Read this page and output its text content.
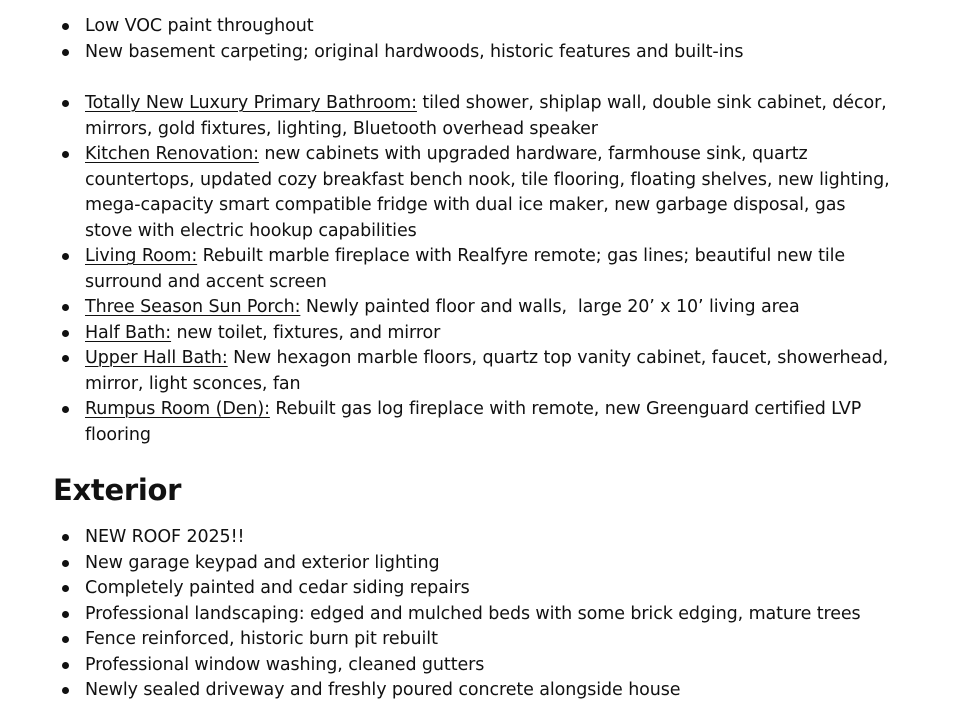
Low VOC paint throughout
New basement carpeting; original hardwoods, historic features and built-ins
Totally New Luxury Primary Bathroom: tiled shower, shiplap wall, double sink cabinet, décor, mirrors, gold fixtures, lighting, Bluetooth overhead speaker
Kitchen Renovation: new cabinets with upgraded hardware, farmhouse sink, quartz countertops, updated cozy breakfast bench nook, tile flooring, floating shelves, new lighting, mega-capacity smart compatible fridge with dual ice maker, new garbage disposal, gas stove with electric hookup capabilities
Living Room: Rebuilt marble fireplace with Realfyre remote; gas lines; beautiful new tile surround and accent screen
Three Season Sun Porch: Newly painted floor and walls,  large 20’ x 10’ living area
Half Bath: new toilet, fixtures, and mirror
Upper Hall Bath: New hexagon marble floors, quartz top vanity cabinet, faucet, showerhead, mirror, light sconces, fan
Rumpus Room (Den): Rebuilt gas log fireplace with remote, new Greenguard certified LVP flooring
Exterior
NEW ROOF 2025!!
New garage keypad and exterior lighting
Completely painted and cedar siding repairs
Professional landscaping: edged and mulched beds with some brick edging, mature trees
Fence reinforced, historic burn pit rebuilt
Professional window washing, cleaned gutters
Newly sealed driveway and freshly poured concrete alongside house
